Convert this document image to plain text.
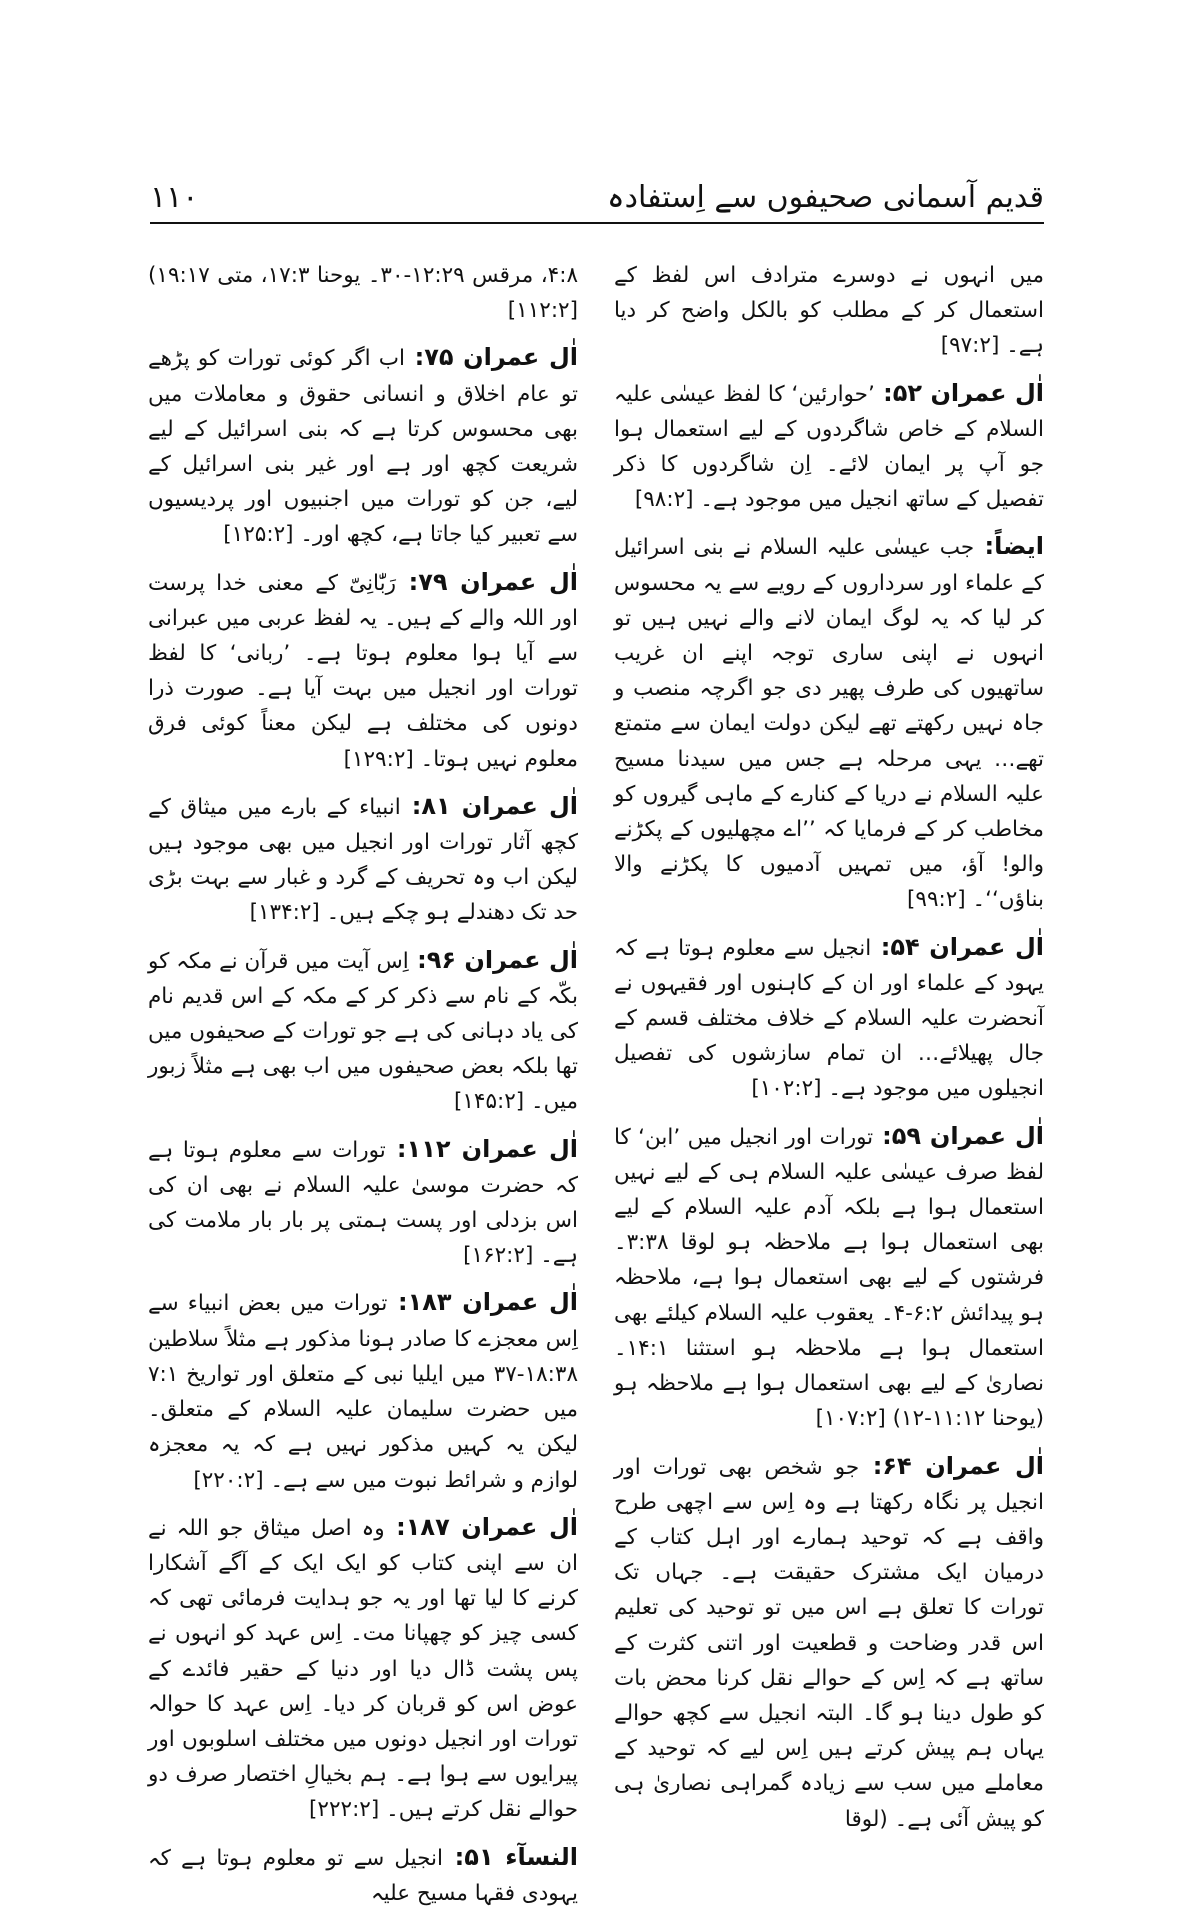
قدیم آسمانی صحیفوں سے اِستفادہ
۱۱۰

میں انہوں نے دوسرے مترادف اس لفظ کے استعمال کر کے مطلب کو بالکل واضح کر دیا ہے۔ [۹۷:۲]

اٰل عمران ۵۲ : ’حوارئین‘ کا لفظ عیسٰی علیہ السلام کے خاص شاگردوں کے لیے استعمال ہوا جو آپ پر ایمان لائے۔ اِن شاگردوں کا ذکر تفصیل کے ساتھ انجیل میں موجود ہے۔ [۹۸:۲]

ایضاً : جب عیسٰی علیہ السلام نے بنی اسرائیل کے علماء اور سرداروں کے رویے سے یہ محسوس کر لیا کہ یہ لوگ ایمان لانے والے نہیں ہیں تو انہوں نے اپنی ساری توجہ اپنے ان غریب ساتھیوں کی طرف پھیر دی جو اگرچہ منصب و جاہ نہیں رکھتے تھے لیکن دولت ایمان سے متمتع تھے… یہی مرحلہ ہے جس میں سیدنا مسیح علیہ السلام نے دریا کے کنارے کے ماہی گیروں کو مخاطب کر کے فرمایا کہ ’’اے مچھلیوں کے پکڑنے والو! آؤ، میں تمہیں آدمیوں کا پکڑنے والا بناؤں‘‘۔ [۹۹:۲]

اٰل عمران ۵۴ : انجیل سے معلوم ہوتا ہے کہ یہود کے علماء اور ان کے کاہنوں اور فقیہوں نے آنحضرت علیہ السلام کے خلاف مختلف قسم کے جال پھیلائے… ان تمام سازشوں کی تفصیل انجیلوں میں موجود ہے۔ [۱۰۲:۲]

اٰل عمران ۵۹ : تورات اور انجیل میں ’ابن‘ کا لفظ صرف عیسٰی علیہ السلام ہی کے لیے نہیں استعمال ہوا ہے بلکہ آدم علیہ السلام کے لیے بھی استعمال ہوا ہے ملاحظہ ہو لوقا ۳:۳۸۔ فرشتوں کے لیے بھی استعمال ہوا ہے، ملاحظہ ہو پیدائش ۶:۲-۴۔ یعقوب علیہ السلام کیلئے بھی استعمال ہوا ہے ملاحظہ ہو استثنا ۱۴:۱۔ نصاریٰ کے لیے بھی استعمال ہوا ہے ملاحظہ ہو (یوحنا ۱۱:۱۲-۱۲) [۱۰۷:۲]

اٰل عمران ۶۴ : جو شخص بھی تورات اور انجیل پر نگاہ رکھتا ہے وہ اِس سے اچھی طرح واقف ہے کہ توحید ہمارے اور اہل کتاب کے درمیان ایک مشترک حقیقت ہے۔ جہاں تک تورات کا تعلق ہے اس میں تو توحید کی تعلیم اس قدر وضاحت و قطعیت اور اتنی کثرت کے ساتھ ہے کہ اِس کے حوالے نقل کرنا محض بات کو طول دینا ہو گا۔ البتہ انجیل سے کچھ حوالے یہاں ہم پیش کرتے ہیں اِس لیے کہ توحید کے معاملے میں سب سے زیادہ گمراہی نصاریٰ ہی کو پیش آئی ہے۔ (لوقا

۴:۸، مرقس ۱۲:۲۹-۳۰۔ یوحنا ۱۷:۳، متی ۱۹:۱۷) [۱۱۲:۲]

اٰل عمران ۷۵ : اب اگر کوئی تورات کو پڑھے تو عام اخلاق و انسانی حقوق و معاملات میں بھی محسوس کرتا ہے کہ بنی اسرائیل کے لیے شریعت کچھ اور ہے اور غیر بنی اسرائیل کے لیے، جن کو تورات میں اجنبیوں اور پردیسیوں سے تعبیر کیا جاتا ہے، کچھ اور۔ [۱۲۵:۲]

اٰل عمران ۷۹ : رَبّٰانِیّ کے معنی خدا پرست اور اللہ والے کے ہیں۔ یہ لفظ عربی میں عبرانی سے آیا ہوا معلوم ہوتا ہے۔ ’ربانی‘ کا لفظ تورات اور انجیل میں بہت آیا ہے۔ صورت ذرا دونوں کی مختلف ہے لیکن معناً کوئی فرق معلوم نہیں ہوتا۔ [۱۲۹:۲]

اٰل عمران ۸۱ : انبیاء کے بارے میں میثاق کے کچھ آثار تورات اور انجیل میں بھی موجود ہیں لیکن اب وہ تحریف کے گرد و غبار سے بہت بڑی حد تک دھندلے ہو چکے ہیں۔ [۱۳۴:۲]

اٰل عمران ۹۶ : اِس آیت میں قرآن نے مکہ کو بکّہ کے نام سے ذکر کر کے مکہ کے اس قدیم نام کی یاد دہانی کی ہے جو تورات کے صحیفوں میں تھا بلکہ بعض صحیفوں میں اب بھی ہے مثلاً زبور میں۔ [۱۴۵:۲]

اٰل عمران ۱۱۲ : تورات سے معلوم ہوتا ہے کہ حضرت موسیٰ علیہ السلام نے بھی ان کی اس بزدلی اور پست ہمتی پر بار بار ملامت کی ہے۔ [۱۶۲:۲]

اٰل عمران ۱۸۳ : تورات میں بعض انبیاء سے اِس معجزے کا صادر ہونا مذکور ہے مثلاً سلاطین ۱۸:۳۸-۳۷ میں ایلیا نبی کے متعلق اور تواریخ ۷:۱ میں حضرت سلیمان علیہ السلام کے متعلق۔ لیکن یہ کہیں مذکور نہیں ہے کہ یہ معجزہ لوازم و شرائط نبوت میں سے ہے۔ [۲۲۰:۲]

اٰل عمران ۱۸۷ : وہ اصل میثاق جو اللہ نے ان سے اپنی کتاب کو ایک ایک کے آگے آشکارا کرنے کا لیا تھا اور یہ جو ہدایت فرمائی تھی کہ کسی چیز کو چھپانا مت۔ اِس عہد کو انہوں نے پس پشت ڈال دیا اور دنیا کے حقیر فائدے کے عوض اس کو قربان کر دیا۔ اِس عہد کا حوالہ تورات اور انجیل دونوں میں مختلف اسلوبوں اور پیرایوں سے ہوا ہے۔ ہم بخیالِ اختصار صرف دو حوالے نقل کرتے ہیں۔ [۲۲۲:۲]

النسآء ۵۱ : انجیل سے تو معلوم ہوتا ہے کہ یہودی فقہا مسیح علیہ
